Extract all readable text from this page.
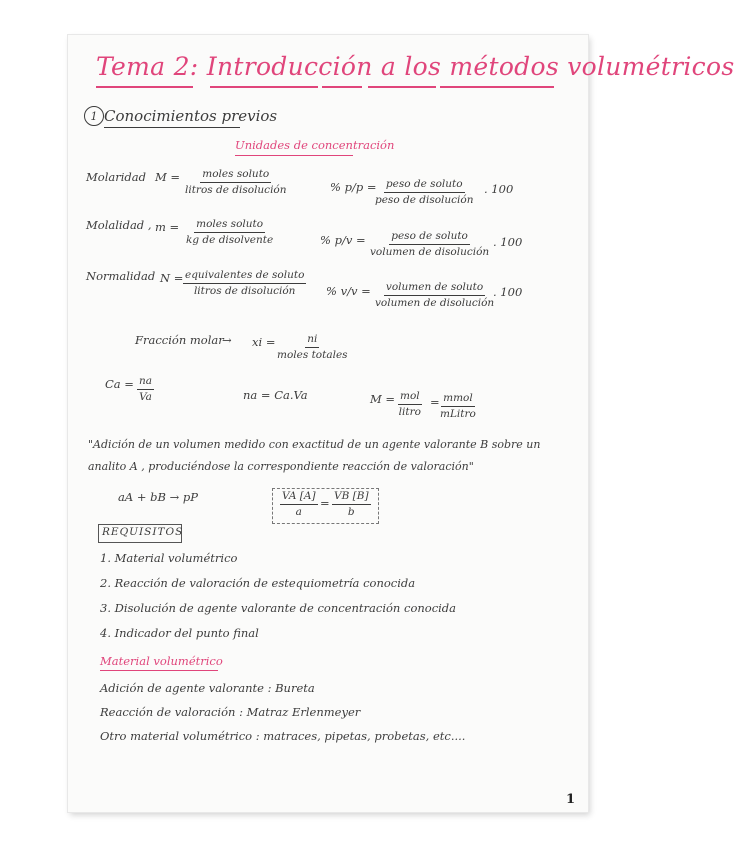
Tema 2: Introducción a los métodos volumétricos
1 Conocimientos previos
Unidades de concentración
Molaridad M = moles soluto
litros de disolución	% p/p = peso de soluto
peso de disolución
. 100
Molalidad , m = moles soluto
kg de disolvente	% p/v = peso de soluto
volumen de disolución
. 100
Normalidad N = equivalentes de soluto
litros de disolución	% v/v = volumen de soluto
volumen de disolución
. 100
Fracción molar
→ xi =	ni
moles totales
$Ca = \frac{na}{Va}$	na = Ca.Va	M = mol
litro
= mmol
mLitro
"Adición de un volumen medido con exactitud de un agente valorante B sobre un
analito A , produciéndose la correspondiente reacción de valoración"
aA + bB → pP	$\frac{VA [A]}{a} = \frac{VB [B]}{b}$
REQUISITOS
1. Material volumétrico
2. Reacción de valoración de estequiometría conocida
3. Disolución de agente valorante de concentración conocida
4. Indicador del punto final
Material volumétrico
Adición de agente valorante : Bureta
Reacción de valoración : Matraz Erlenmeyer
Otro material volumétrico : matraces, pipetas, probetas, etc....
1
